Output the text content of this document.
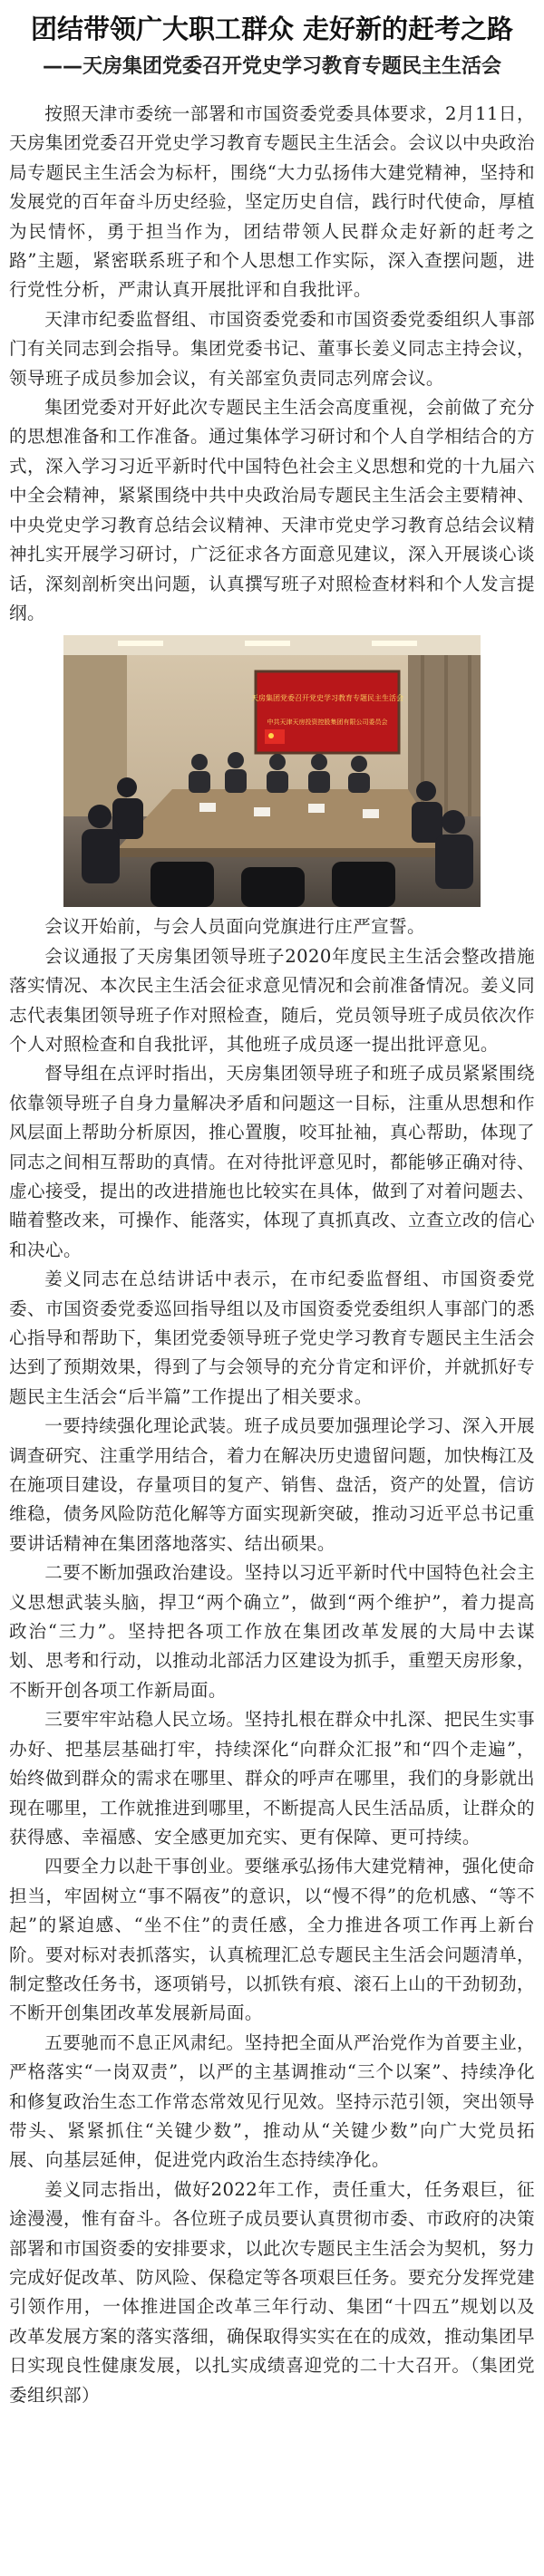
团结带领广大职工群众 走好新的赶考之路
——天房集团党委召开党史学习教育专题民主生活会

按照天津市委统一部署和市国资委党委具体要求，2月11日，天房集团党委召开党史学习教育专题民主生活会。会议以中央政治局专题民主生活会为标杆，围绕“大力弘扬伟大建党精神，坚持和发展党的百年奋斗历史经验，坚定历史自信，践行时代使命，厚植为民情怀，勇于担当作为，团结带领人民群众走好新的赶考之路”主题，紧密联系班子和个人思想工作实际，深入查摆问题，进行党性分析，严肃认真开展批评和自我批评。

天津市纪委监督组、市国资委党委和市国资委党委组织人事部门有关同志到会指导。集团党委书记、董事长姜义同志主持会议，领导班子成员参加会议，有关部室负责同志列席会议。

集团党委对开好此次专题民主生活会高度重视，会前做了充分的思想准备和工作准备。通过集体学习研讨和个人自学相结合的方式，深入学习习近平新时代中国特色社会主义思想和党的十九届六中全会精神，紧紧围绕中共中央政治局专题民主生活会主要精神、中央党史学习教育总结会议精神、天津市党史学习教育总结会议精神扎实开展学习研讨，广泛征求各方面意见建议，深入开展谈心谈话，深刻剖析突出问题，认真撰写班子对照检查材料和个人发言提纲。

天房集团党委召开党史学习教育专题民主生活会
中共天津天房投资控股集团有限公司委员会

会议开始前，与会人员面向党旗进行庄严宣誓。

会议通报了天房集团领导班子2020年度民主生活会整改措施落实情况、本次民主生活会征求意见情况和会前准备情况。姜义同志代表集团领导班子作对照检查，随后，党员领导班子成员依次作个人对照检查和自我批评，其他班子成员逐一提出批评意见。

督导组在点评时指出，天房集团领导班子和班子成员紧紧围绕依靠领导班子自身力量解决矛盾和问题这一目标，注重从思想和作风层面上帮助分析原因，推心置腹，咬耳扯袖，真心帮助，体现了同志之间相互帮助的真情。在对待批评意见时，都能够正确对待、虚心接受，提出的改进措施也比较实在具体，做到了对着问题去、瞄着整改来，可操作、能落实，体现了真抓真改、立查立改的信心和决心。

姜义同志在总结讲话中表示，在市纪委监督组、市国资委党委、市国资委党委巡回指导组以及市国资委党委组织人事部门的悉心指导和帮助下，集团党委领导班子党史学习教育专题民主生活会达到了预期效果，得到了与会领导的充分肯定和评价，并就抓好专题民主生活会“后半篇”工作提出了相关要求。

一要持续强化理论武装。班子成员要加强理论学习、深入开展调查研究、注重学用结合，着力在解决历史遗留问题，加快梅江及在施项目建设，存量项目的复产、销售、盘活，资产的处置，信访维稳，债务风险防范化解等方面实现新突破，推动习近平总书记重要讲话精神在集团落地落实、结出硕果。

二要不断加强政治建设。坚持以习近平新时代中国特色社会主义思想武装头脑，捍卫“两个确立”，做到“两个维护”，着力提高政治“三力”。坚持把各项工作放在集团改革发展的大局中去谋划、思考和行动，以推动北部活力区建设为抓手，重塑天房形象，不断开创各项工作新局面。

三要牢牢站稳人民立场。坚持扎根在群众中扎深、把民生实事办好、把基层基础打牢，持续深化“向群众汇报”和“四个走遍”，始终做到群众的需求在哪里、群众的呼声在哪里，我们的身影就出现在哪里，工作就推进到哪里，不断提高人民生活品质，让群众的获得感、幸福感、安全感更加充实、更有保障、更可持续。

四要全力以赴干事创业。要继承弘扬伟大建党精神，强化使命担当，牢固树立“事不隔夜”的意识，以“慢不得”的危机感、“等不起”的紧迫感、“坐不住”的责任感，全力推进各项工作再上新台阶。要对标对表抓落实，认真梳理汇总专题民主生活会问题清单，制定整改任务书，逐项销号，以抓铁有痕、滚石上山的干劲韧劲，不断开创集团改革发展新局面。

五要驰而不息正风肃纪。坚持把全面从严治党作为首要主业，严格落实“一岗双责”，以严的主基调推动“三个以案”、持续净化和修复政治生态工作常态常效见行见效。坚持示范引领，突出领导带头、紧紧抓住“关键少数”，推动从“关键少数”向广大党员拓展、向基层延伸，促进党内政治生态持续净化。

姜义同志指出，做好2022年工作，责任重大，任务艰巨，征途漫漫，惟有奋斗。各位班子成员要认真贯彻市委、市政府的决策部署和市国资委的安排要求，以此次专题民主生活会为契机，努力完成好促改革、防风险、保稳定等各项艰巨任务。要充分发挥党建引领作用，一体推进国企改革三年行动、集团“十四五”规划以及改革发展方案的落实落细，确保取得实实在在的成效，推动集团早日实现良性健康发展，以扎实成绩喜迎党的二十大召开。（集团党委组织部）
